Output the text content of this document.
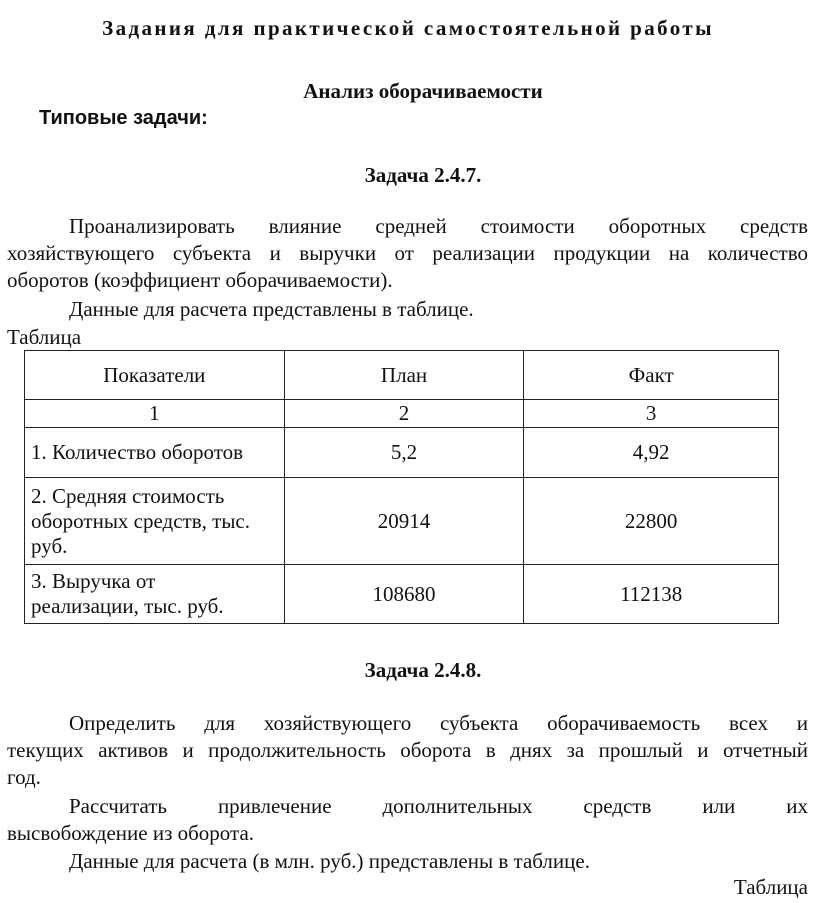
Задания для практической самостоятельной работы
Анализ оборачиваемости
Типовые задачи:
Задача 2.4.7.
Проанализировать влияние средней стоимости оборотных средств
хозяйствующего субъекта и выручки от реализации продукции на количество
оборотов (коэффициент оборачиваемости).
Данные для расчета представлены в таблице.
Таблица
Показатели	План	Факт
1	2	3

1. Количество оборотов	5,2	4,92

2. Средняя стоимость
оборотных средств, тыс.
руб.	20914	22800

3. Выручка от
реализации, тыс. руб.	108680	112138
Задача 2.4.8.
Определить для хозяйствующего субъекта оборачиваемость всех и
текущих активов и продолжительность оборота в днях за прошлый и отчетный
год.
Рассчитать привлечение дополнительных средств или их
высвобождение из оборота.
Данные для расчета (в млн. руб.) представлены в таблице.
Таблица
